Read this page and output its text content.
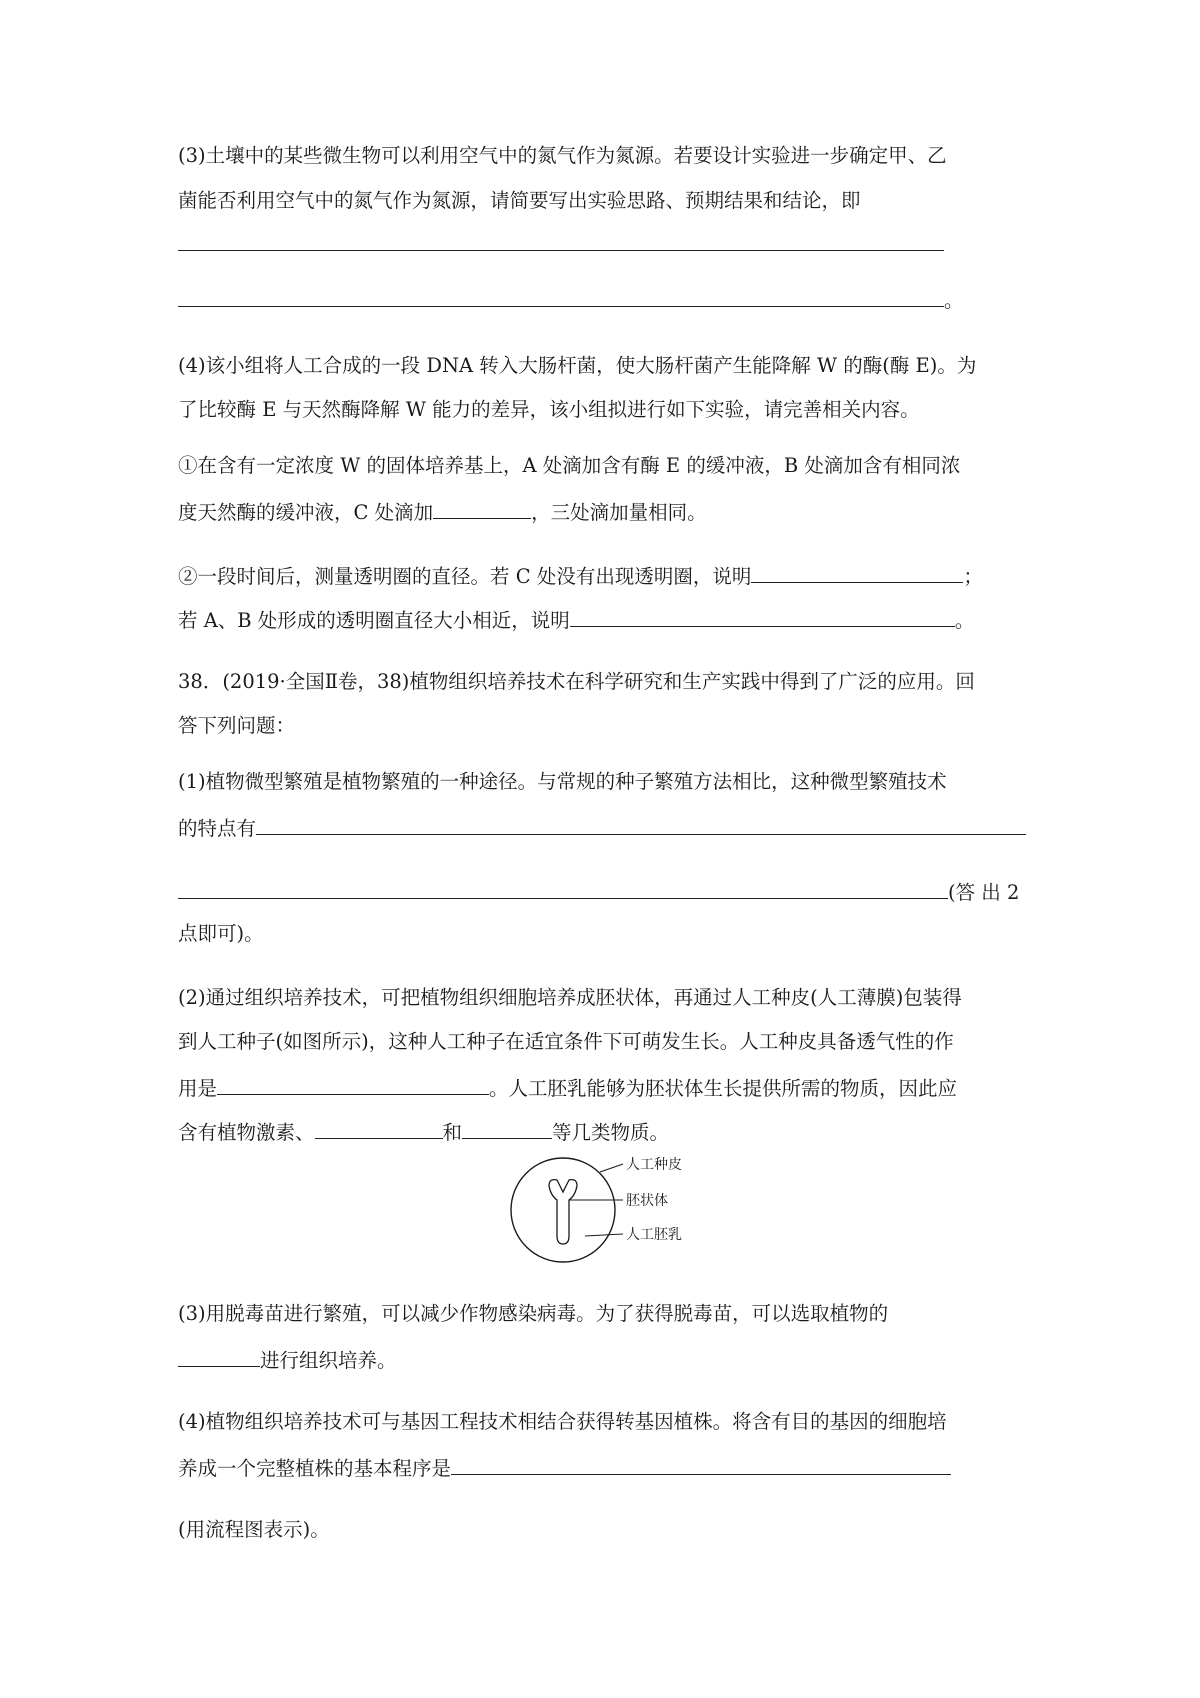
(3)土壤中的某些微生物可以利用空气中的氮气作为氮源。若要设计实验进一步确定甲、乙
菌能否利用空气中的氮气作为氮源，请简要写出实验思路、预期结果和结论，即
。
(4)该小组将人工合成的一段 DNA 转入大肠杆菌，使大肠杆菌产生能降解 W 的酶(酶 E)。为
了比较酶 E 与天然酶降解 W 能力的差异，该小组拟进行如下实验，请完善相关内容。
①在含有一定浓度 W 的固体培养基上，A 处滴加含有酶 E 的缓冲液，B 处滴加含有相同浓
度天然酶的缓冲液，C 处滴加	，三处滴加量相同。
②一段时间后，测量透明圈的直径。若 C 处没有出现透明圈，说明	；
若 A、B 处形成的透明圈直径大小相近，说明	。
38．(2019·全国Ⅱ卷，38)植物组织培养技术在科学研究和生产实践中得到了广泛的应用。回
答下列问题：
(1)植物微型繁殖是植物繁殖的一种途径。与常规的种子繁殖方法相比，这种微型繁殖技术
的特点有
(答 出 2
点即可)。
(2)通过组织培养技术，可把植物组织细胞培养成胚状体，再通过人工种皮(人工薄膜)包装得
到人工种子(如图所示)，这种人工种子在适宜条件下可萌发生长。人工种皮具备透气性的作
用是	。人工胚乳能够为胚状体生长提供所需的物质，因此应
含有植物激素、	和	等几类物质。
人工种皮
胚状体
人工胚乳
(3)用脱毒苗进行繁殖，可以减少作物感染病毒。为了获得脱毒苗，可以选取植物的
进行组织培养。
(4)植物组织培养技术可与基因工程技术相结合获得转基因植株。将含有目的基因的细胞培
养成一个完整植株的基本程序是
(用流程图表示)。
